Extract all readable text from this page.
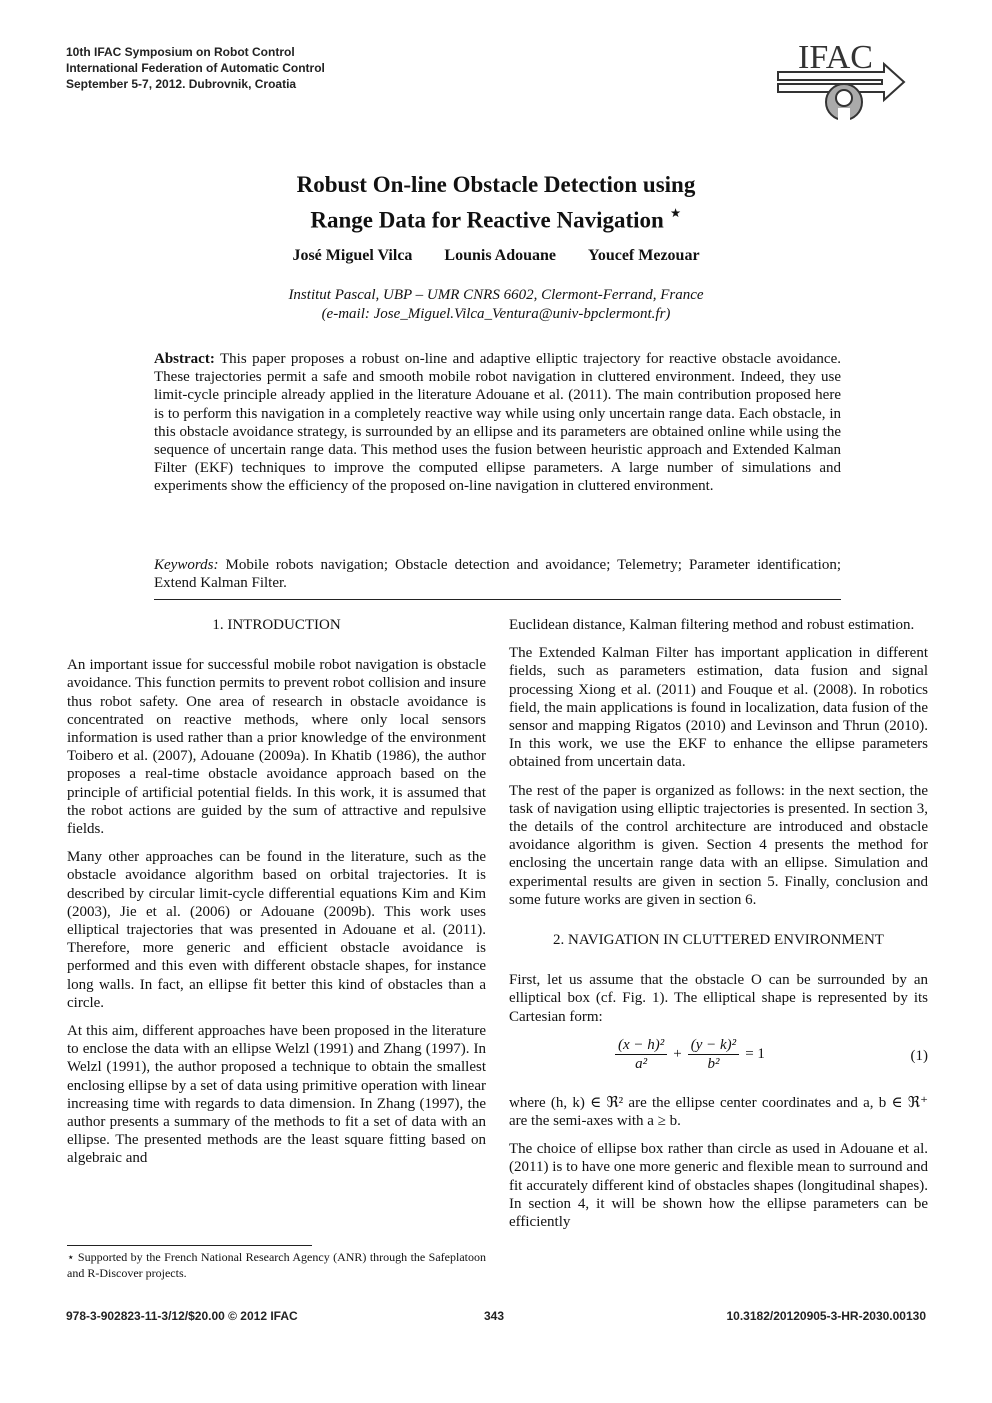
10th IFAC Symposium on Robot Control
International Federation of Automatic Control
September 5-7, 2012. Dubrovnik, Croatia
IFAC
Robust On-line Obstacle Detection using
Range Data for Reactive Navigation ⋆
José Miguel Vilca Lounis Adouane Youcef Mezouar
Institut Pascal, UBP – UMR CNRS 6602, Clermont-Ferrand, France
(e-mail: Jose_Miguel.Vilca_Ventura@univ-bpclermont.fr)
Abstract: This paper proposes a robust on-line and adaptive elliptic trajectory for reactive obstacle avoidance. These trajectories permit a safe and smooth mobile robot navigation in cluttered environment. Indeed, they use limit-cycle principle already applied in the literature Adouane et al. (2011). The main contribution proposed here is to perform this navigation in a completely reactive way while using only uncertain range data. Each obstacle, in this obstacle avoidance strategy, is surrounded by an ellipse and its parameters are obtained online while using the sequence of uncertain range data. This method uses the fusion between heuristic approach and Extended Kalman Filter (EKF) techniques to improve the computed ellipse parameters. A large number of simulations and experiments show the efficiency of the proposed on-line navigation in cluttered environment.
Keywords: Mobile robots navigation; Obstacle detection and avoidance; Telemetry; Parameter identification; Extend Kalman Filter.
1. INTRODUCTION

An important issue for successful mobile robot navigation is obstacle avoidance. This function permits to prevent robot collision and insure thus robot safety. One area of research in obstacle avoidance is concentrated on reactive methods, where only local sensors information is used rather than a prior knowledge of the environment Toibero et al. (2007), Adouane (2009a). In Khatib (1986), the author proposes a real-time obstacle avoidance approach based on the principle of artificial potential fields. In this work, it is assumed that the robot actions are guided by the sum of attractive and repulsive fields.

Many other approaches can be found in the literature, such as the obstacle avoidance algorithm based on orbital trajectories. It is described by circular limit-cycle differential equations Kim and Kim (2003), Jie et al. (2006) or Adouane (2009b). This work uses elliptical trajectories that was presented in Adouane et al. (2011). Therefore, more generic and efficient obstacle avoidance is performed and this even with different obstacle shapes, for instance long walls. In fact, an ellipse fit better this kind of obstacles than a circle.

At this aim, different approaches have been proposed in the literature to enclose the data with an ellipse Welzl (1991) and Zhang (1997). In Welzl (1991), the author proposed a technique to obtain the smallest enclosing ellipse by a set of data using primitive operation with linear increasing time with regards to data dimension. In Zhang (1997), the author presents a summary of the methods to fit a set of data with an ellipse. The presented methods are the least square fitting based on algebraic and

⋆ Supported by the French National Research Agency (ANR) through the Safeplatoon and R-Discover projects.

Euclidean distance, Kalman filtering method and robust estimation.

The Extended Kalman Filter has important application in different fields, such as parameters estimation, data fusion and signal processing Xiong et al. (2011) and Fouque et al. (2008). In robotics field, the main applications is found in localization, data fusion of the sensor and mapping Rigatos (2010) and Levinson and Thrun (2010). In this work, we use the EKF to enhance the ellipse parameters obtained from uncertain data.

The rest of the paper is organized as follows: in the next section, the task of navigation using elliptic trajectories is presented. In section 3, the details of the control architecture are introduced and obstacle avoidance algorithm is given. Section 4 presents the method for enclosing the uncertain range data with an ellipse. Simulation and experimental results are given in section 5. Finally, conclusion and some future works are given in section 6.

2. NAVIGATION IN CLUTTERED ENVIRONMENT

First, let us assume that the obstacle O can be surrounded by an elliptical box (cf. Fig. 1). The elliptical shape is represented by its Cartesian form:

$\frac{\text{(x − h)²}}{\text{a²}} + \frac{\text{(y − k)²}}{\text{b²}} = 1$	(1)

where (h, k) ∈ ℜ² are the ellipse center coordinates and a, b ∈ ℜ⁺ are the semi-axes with a ≥ b.

The choice of ellipse box rather than circle as used in Adouane et al. (2011) is to have one more generic and flexible mean to surround and fit accurately different kind of obstacles shapes (longitudinal shapes). In section 4, it will be shown how the ellipse parameters can be efficiently

978-3-902823-11-3/12/$20.00 © 2012 IFAC	343	10.3182/20120905-3-HR-2030.00130
